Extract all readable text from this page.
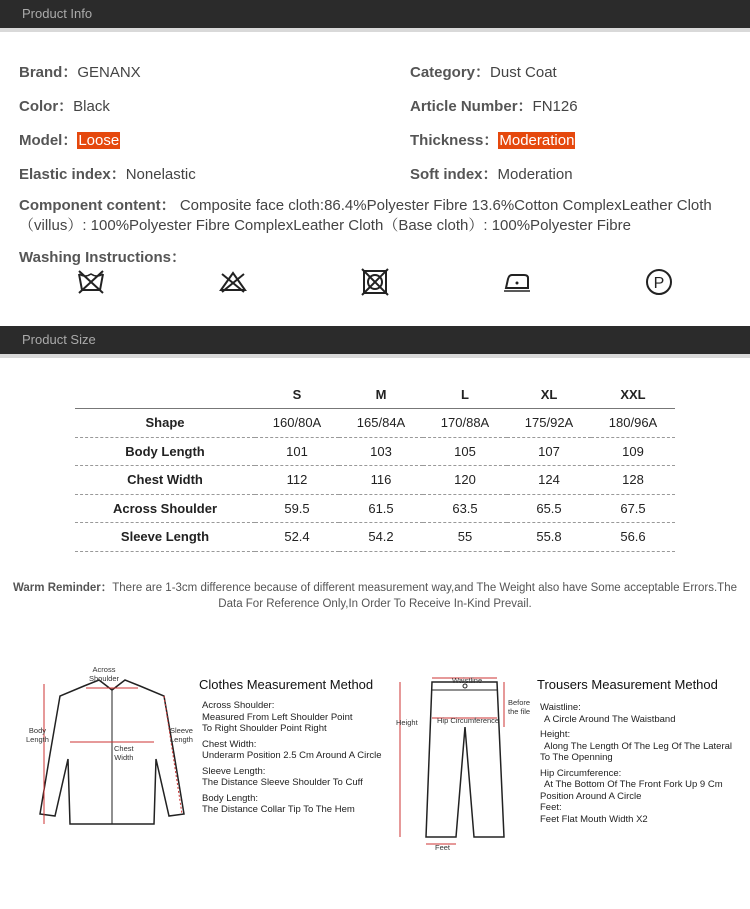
Product Info
Brand：GENANX	Category：Dust Coat
Color：Black	Article Number：FN126
Model：Loose	Thickness：Moderation
Elastic index：Nonelastic	Soft index：Moderation
Component content： Composite face cloth:86.4%Polyester Fibre 13.6%Cotton ComplexLeather Cloth（villus）: 100%Polyester Fibre ComplexLeather Cloth（Base cloth）: 100%Polyester Fibre
Washing Instructions：
P
Product Size
	S	M	L	XL	XXL
Shape	160/80A	165/84A	170/88A	175/92A	180/96A
Body Length	101	103	105	107	109
Chest Width	112	116	120	124	128
Across Shoulder	59.5	61.5	63.5	65.5	67.5
Sleeve Length	52.4	54.2	55	55.8	56.6
Warm Reminder：There are 1-3cm difference because of different measurement way,and The Weight also have Some acceptable Errors.The
Data For Reference Only,In Order To Receive In-Kind Prevail.
Across
Shoulder
Body
Length
Chest
Width
Sleeve
Length
Clothes Measurement Method
Across Shoulder:
Measured From Left Shoulder Point
To Right Shoulder Point Right
Chest Width:
Underarm Position 2.5 Cm Around A Circle
Sleeve Length:
The Distance Sleeve Shoulder To Cuff
Body Length:
The Distance Collar Tip To The Hem
Waistline
Height	Hip Circumference
Before
the file
Feet
Trousers Measurement Method
Waistline:
A Circle Around The Waistband
Height:
Along The Length Of The Leg Of The Lateral
To The Openning
Hip Circumference:
At The Bottom Of The Front Fork Up 9 Cm
Position Around A Circle
Feet:
Feet Flat Mouth Width X2
